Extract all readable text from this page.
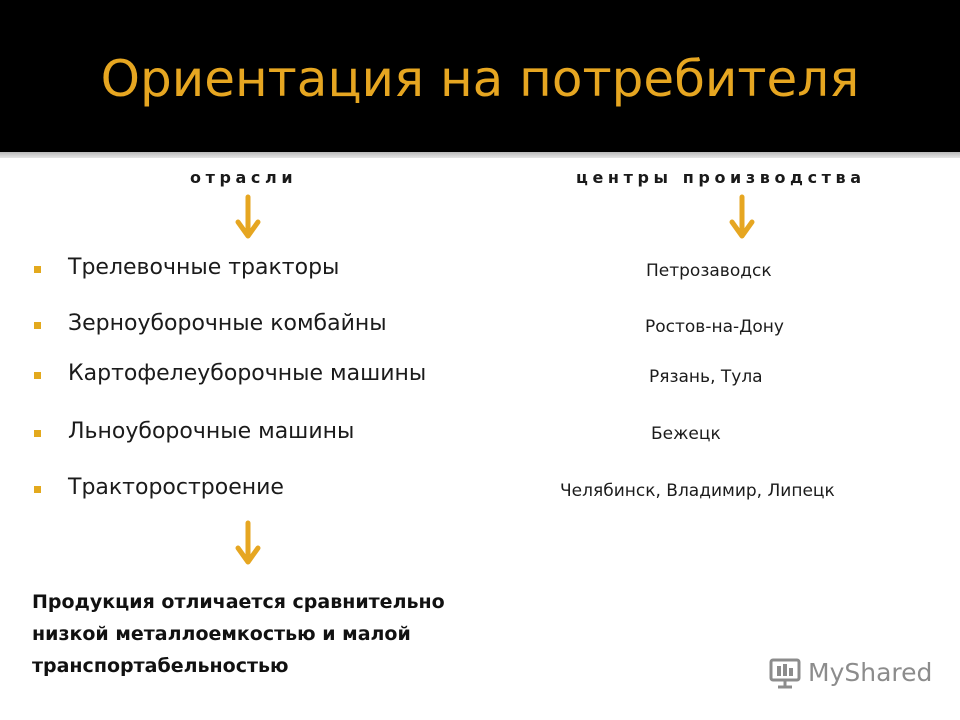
Ориентация на потребителя
отрасли	центры производства
Трелевочные тракторы	Петрозаводск
Зерноуборочные комбайны	Ростов-на-Дону
Картофелеуборочные машины	Рязань, Тула
Льноуборочные машины	Бежецк
Тракторостроение	Челябинск, Владимир, Липецк
Продукция отличается сравнительно низкой металлоемкостью и малой транспортабельностью	MyShared
